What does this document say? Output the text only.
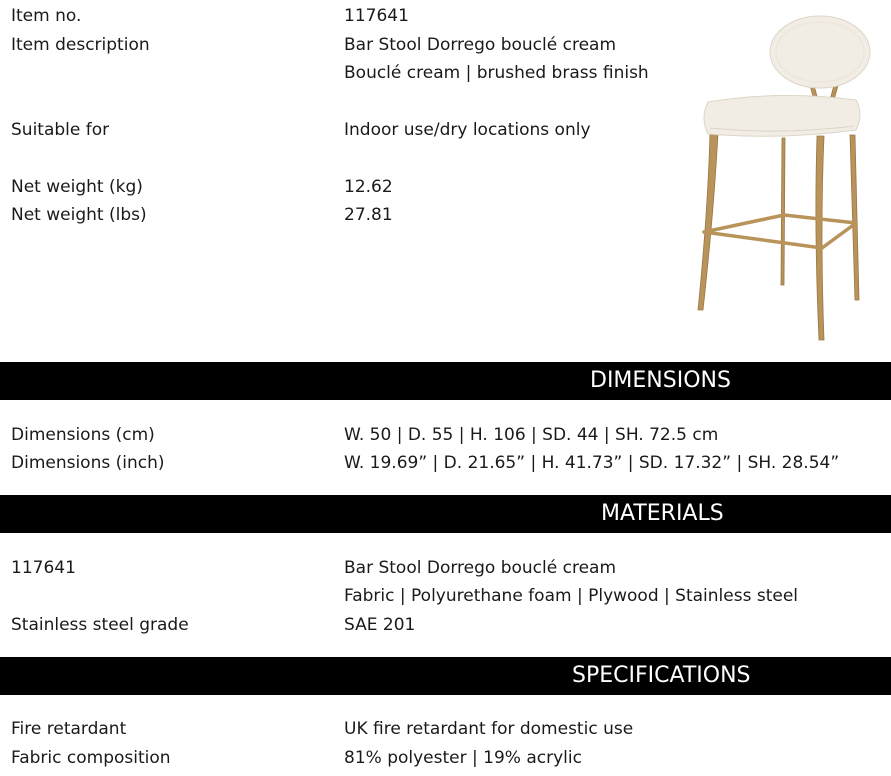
Item no.	117641
Item description	Bar Stool Dorrego bouclé cream
Bouclé cream | brushed brass finish
Suitable for	Indoor use/dry locations only
Net weight (kg)	12.62
Net weight (lbs)	27.81
DIMENSIONS
Dimensions (cm)	W. 50 | D. 55 | H. 106 | SD. 44 | SH. 72.5 cm
Dimensions (inch)	W. 19.69” | D. 21.65” | H. 41.73” | SD. 17.32” | SH. 28.54”
MATERIALS
117641	Bar Stool Dorrego bouclé cream
Fabric | Polyurethane foam | Plywood | Stainless steel
Stainless steel grade	SAE 201
SPECIFICATIONS
Fire retardant	UK fire retardant for domestic use
Fabric composition	81% polyester | 19% acrylic
